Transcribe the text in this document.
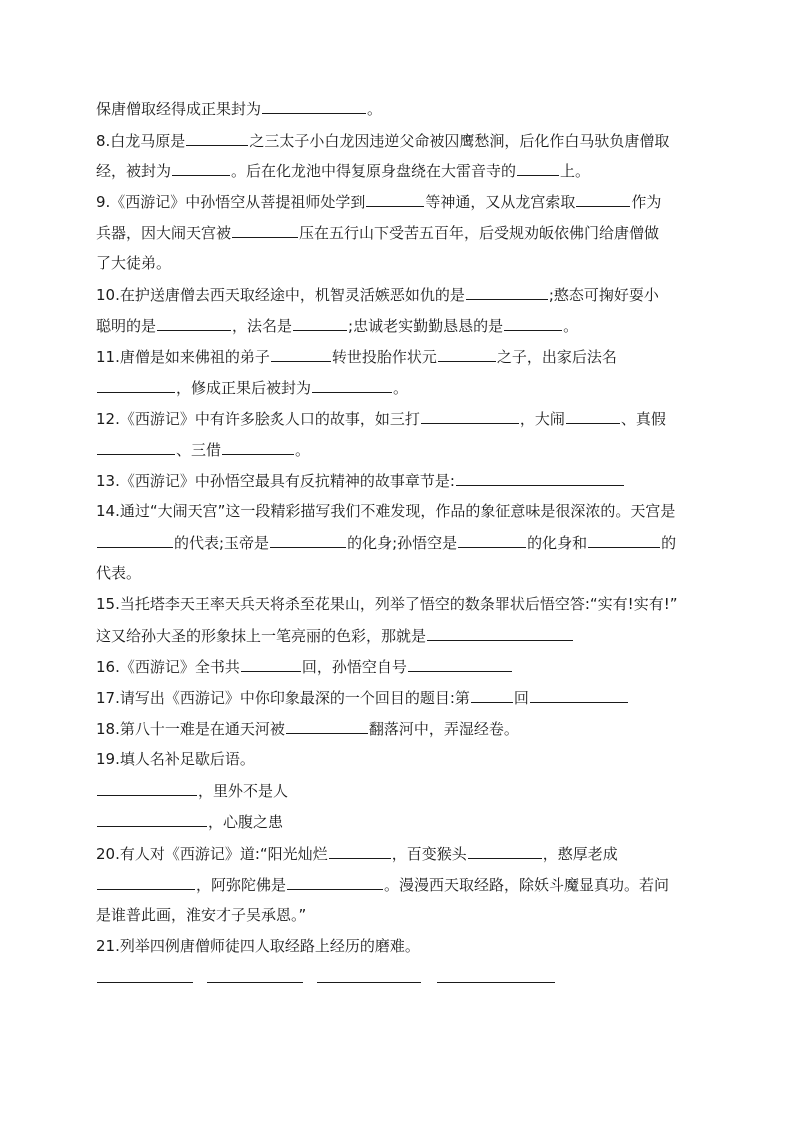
保唐僧取经得成正果封为	。
8.白龙马原是	之三太子小白龙因违逆父命被囚鹰愁涧，后化作白马驮负唐僧取
经，被封为	。后在化龙池中得复原身盘绕在大雷音寺的	上。
9.《西游记》中孙悟空从菩提祖师处学到	等神通，又从龙宫索取	作为
兵器，因大闹天宫被	压在五行山下受苦五百年，后受规劝皈依佛门给唐僧做
了大徒弟。
10.在护送唐僧去西天取经途中，机智灵活嫉恶如仇的是	;憨态可掬好耍小
聪明的是	，法名是	;忠诚老实勤勤恳恳的是	。
11.唐僧是如来佛祖的弟子	转世投胎作状元	之子，出家后法名
，修成正果后被封为	。
12.《西游记》中有许多脍炙人口的故事，如三打	，大闹	、真假
、三借	。
13.《西游记》中孙悟空最具有反抗精神的故事章节是:
14.通过“大闹天宫”这一段精彩描写我们不难发现，作品的象征意味是很深浓的。天宫是
的代表;玉帝是	的化身;孙悟空是	的化身和	的
代表。
15.当托塔李天王率天兵天将杀至花果山，列举了悟空的数条罪状后悟空答:“实有!实有!”
这又给孙大圣的形象抹上一笔亮丽的色彩，那就是
16.《西游记》全书共	回，孙悟空自号
17.请写出《西游记》中你印象最深的一个回目的题目:第	回
18.第八十一难是在通天河被	翻落河中，弄湿经卷。
19.填人名补足歇后语。
，里外不是人
，心腹之患
20.有人对《西游记》道:“阳光灿烂	，百变猴头	，憨厚老成
，阿弥陀佛是	。漫漫西天取经路，除妖斗魔显真功。若问
是谁普此画，淮安才子吴承恩。”
21.列举四例唐僧师徒四人取经路上经历的磨难。
